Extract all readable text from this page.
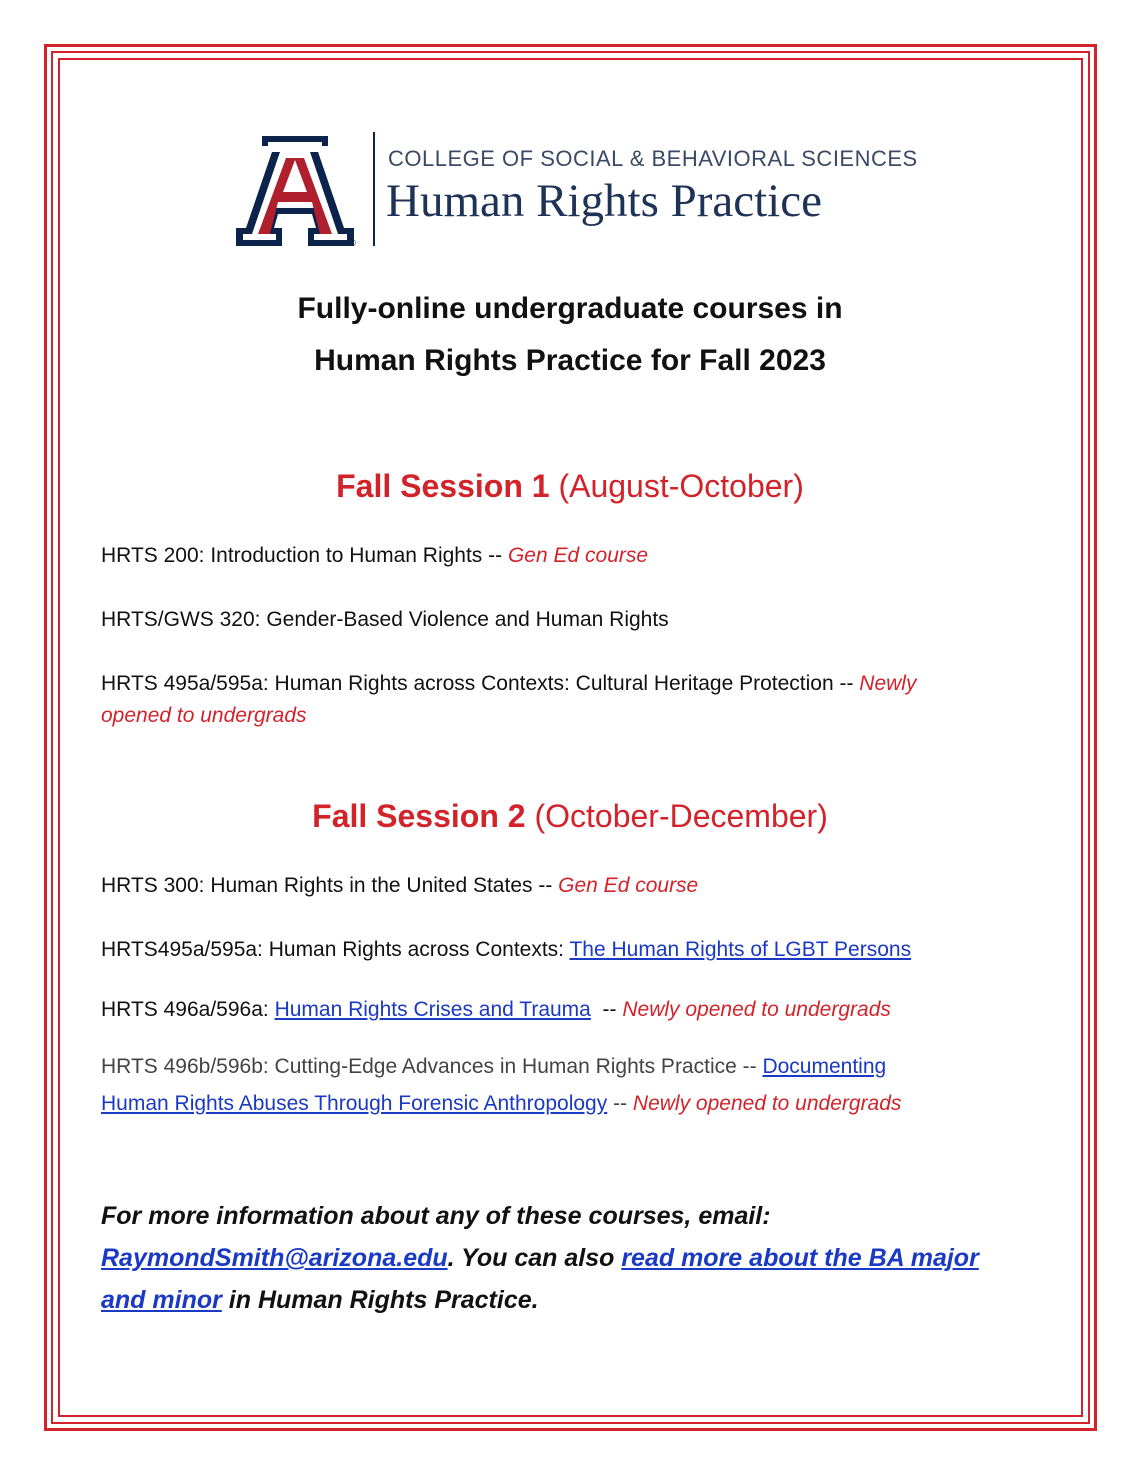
®
COLLEGE OF SOCIAL & BEHAVIORAL SCIENCES
Human Rights Practice
Fully-online undergraduate courses in
Human Rights Practice for Fall 2023
Fall Session 1 (August-October)
HRTS 200: Introduction to Human Rights -- Gen Ed course
HRTS/GWS 320: Gender-Based Violence and Human Rights
HRTS 495a/595a: Human Rights across Contexts: Cultural Heritage Protection -- Newly
opened to undergrads
Fall Session 2 (October-December)
HRTS 300: Human Rights in the United States -- Gen Ed course
HRTS495a/595a: Human Rights across Contexts: The Human Rights of LGBT Persons
HRTS 496a/596a: Human Rights Crises and Trauma  -- Newly opened to undergrads
HRTS 496b/596b: Cutting-Edge Advances in Human Rights Practice -- Documenting
Human Rights Abuses Through Forensic Anthropology -- Newly opened to undergrads
For more information about any of these courses, email:
RaymondSmith@arizona.edu. You can also read more about the BA major
and minor in Human Rights Practice.
